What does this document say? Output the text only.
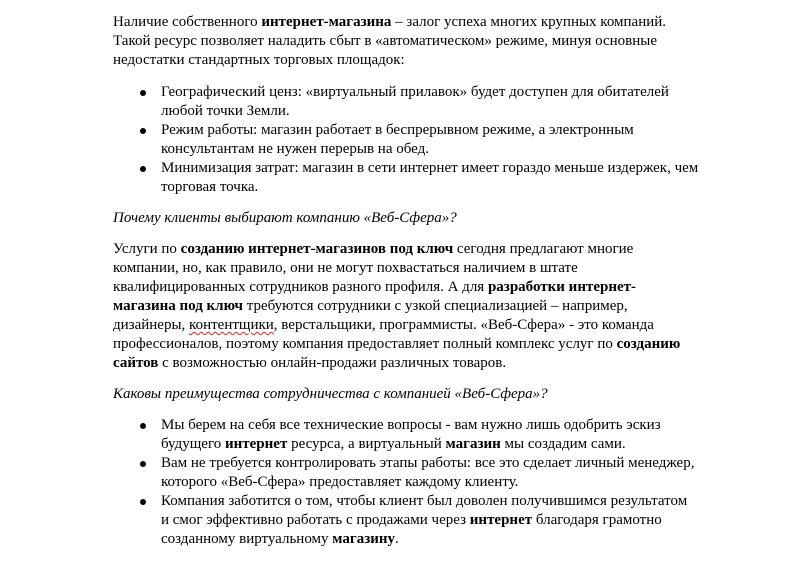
Наличие собственного интернет-магазина – залог успеха многих крупных компаний.
Такой ресурс позволяет наладить сбыт в «автоматическом» режиме, минуя основные
недостатки стандартных торговых площадок:
Географический ценз: «виртуальный прилавок» будет доступен для обитателей
любой точки Земли.
Режим работы: магазин работает в беспрерывном режиме, а электронным
консультантам не нужен перерыв на обед.
Минимизация затрат: магазин в сети интернет имеет гораздо меньше издержек, чем
торговая точка.
Почему клиенты выбирают компанию «Веб-Сфера»?
Услуги по созданию интернет-магазинов под ключ сегодня предлагают многие
компании, но, как правило, они не могут похвастаться наличием в штате
квалифицированных сотрудников разного профиля. А для разработки интернет-
магазина под ключ требуются сотрудники с узкой специализацией – например,
дизайнеры, контентщики, верстальщики, программисты. «Веб-Сфера» - это команда
профессионалов, поэтому компания предоставляет полный комплекс услуг по созданию
сайтов с возможностью онлайн-продажи различных товаров.
Каковы преимущества сотрудничества с компанией «Веб-Сфера»?
Мы берем на себя все технические вопросы - вам нужно лишь одобрить эскиз
будущего интернет ресурса, а виртуальный магазин мы создадим сами.
Вам не требуется контролировать этапы работы: все это сделает личный менеджер,
которого «Веб-Сфера» предоставляет каждому клиенту.
Компания заботится о том, чтобы клиент был доволен получившимся результатом
и смог эффективно работать с продажами через интернет благодаря грамотно
созданному виртуальному магазину.
